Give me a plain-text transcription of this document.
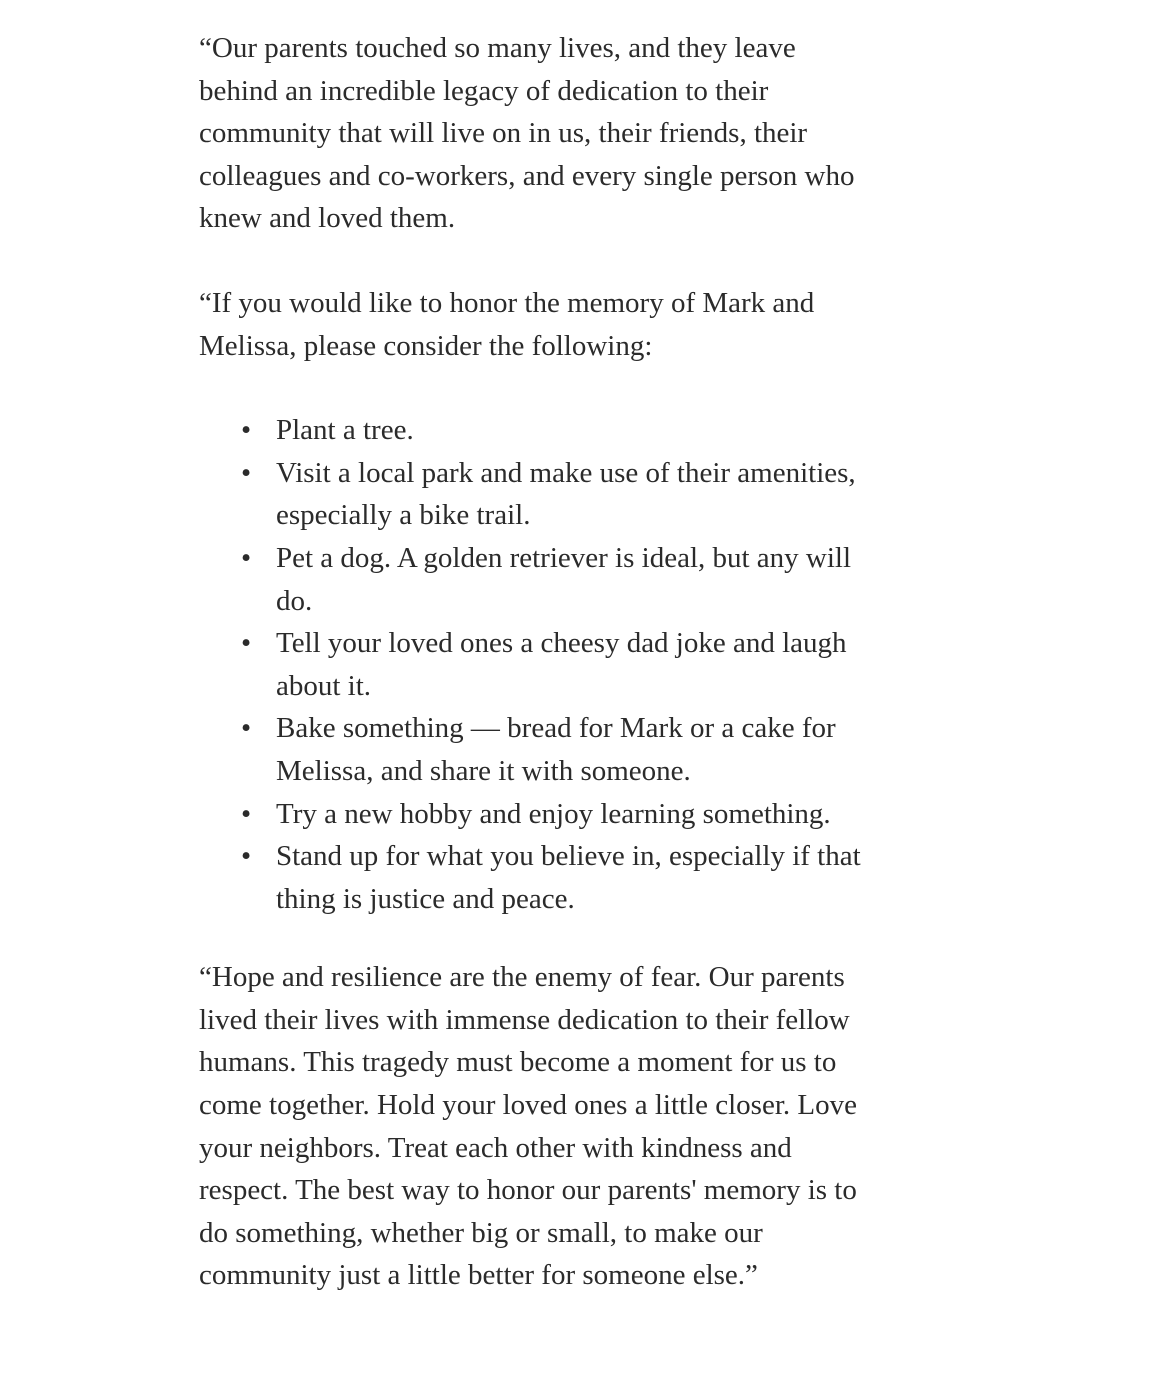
“Our parents touched so many lives, and they leave behind an incredible legacy of dedication to their community that will live on in us, their friends, their colleagues and co-workers, and every single person who knew and loved them.

“If you would like to honor the memory of Mark and Melissa, please consider the following:

• Plant a tree.
• Visit a local park and make use of their amenities, especially a bike trail.
• Pet a dog. A golden retriever is ideal, but any will do.
• Tell your loved ones a cheesy dad joke and laugh about it.
• Bake something — bread for Mark or a cake for Melissa, and share it with someone.
• Try a new hobby and enjoy learning something.
• Stand up for what you believe in, especially if that thing is justice and peace.

“Hope and resilience are the enemy of fear. Our parents lived their lives with immense dedication to their fellow humans. This tragedy must become a moment for us to come together. Hold your loved ones a little closer. Love your neighbors. Treat each other with kindness and respect. The best way to honor our parents' memory is to do something, whether big or small, to make our community just a little better for someone else.”
